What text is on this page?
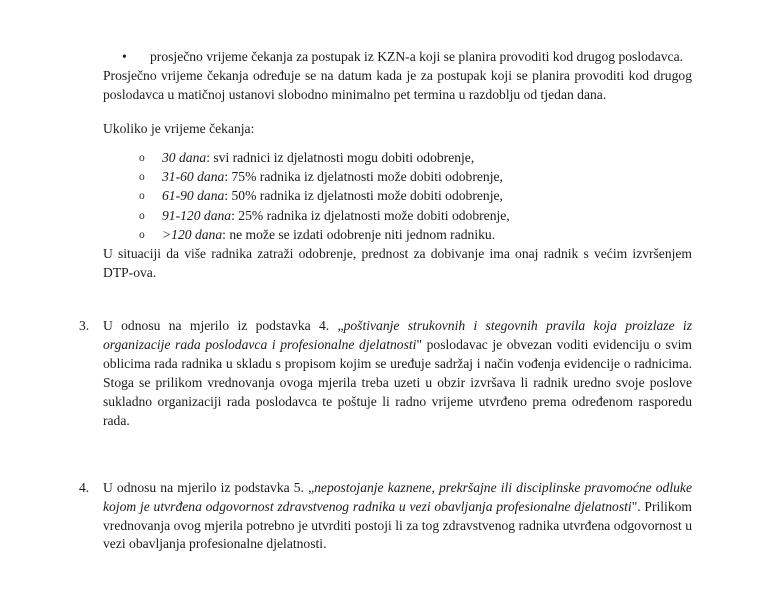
• prosječno vrijeme čekanja za postupak iz KZN-a koji se planira provoditi kod drugog poslodavca.

Prosječno vrijeme čekanja određuje se na datum kada je za postupak koji se planira provoditi kod drugog poslodavca u matičnoj ustanovi slobodno minimalno pet termina u razdoblju od tjedan dana.

Ukoliko je vrijeme čekanja:

o 30 dana: svi radnici iz djelatnosti mogu dobiti odobrenje,
o 31-60 dana: 75% radnika iz djelatnosti može dobiti odobrenje,
o 61-90 dana: 50% radnika iz djelatnosti može dobiti odobrenje,
o 91-120 dana: 25% radnika iz djelatnosti može dobiti odobrenje,
o >120 dana: ne može se izdati odobrenje niti jednom radniku.

U situaciji da više radnika zatraži odobrenje, prednost za dobivanje ima onaj radnik s većim izvršenjem DTP-ova.

3. U odnosu na mjerilo iz podstavka 4. „poštivanje strukovnih i stegovnih pravila koja proizlaze iz organizacije rada poslodavca i profesionalne djelatnosti" poslodavac je obvezan voditi evidenciju o svim oblicima rada radnika u skladu s propisom kojim se uređuje sadržaj i način vođenja evidencije o radnicima. Stoga se prilikom vrednovanja ovoga mjerila treba uzeti u obzir izvršava li radnik uredno svoje poslove sukladno organizaciji rada poslodavca te poštuje li radno vrijeme utvrđeno prema određenom rasporedu rada.

4. U odnosu na mjerilo iz podstavka 5. „nepostojanje kaznene, prekršajne ili disciplinske pravomoćne odluke kojom je utvrđena odgovornost zdravstvenog radnika u vezi obavljanja profesionalne djelatnosti". Prilikom vrednovanja ovog mjerila potrebno je utvrditi postoji li za tog zdravstvenog radnika utvrđena odgovornost u vezi obavljanja profesionalne djelatnosti.
